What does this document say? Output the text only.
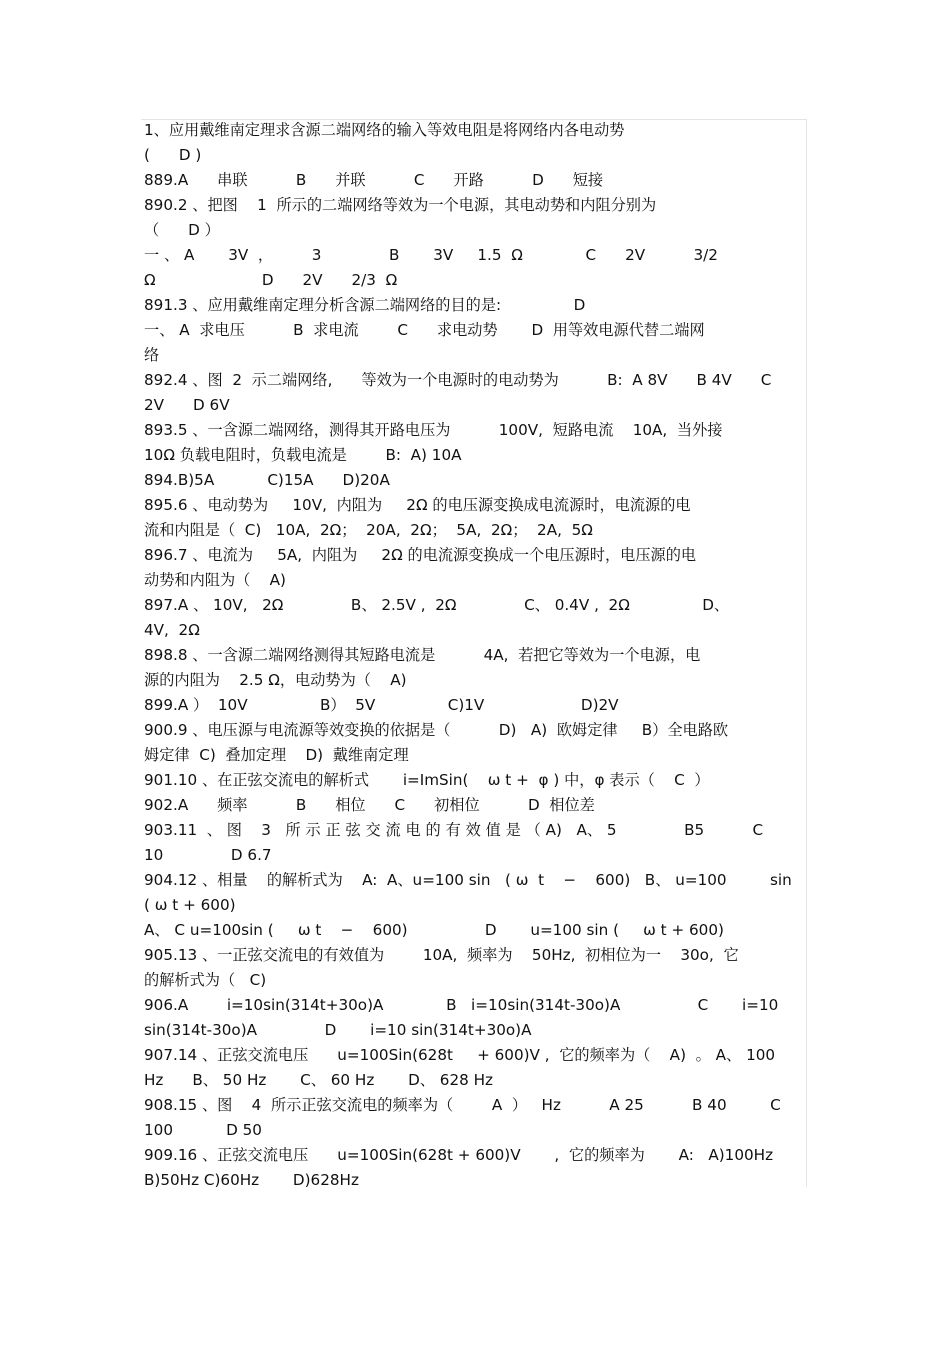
1、应用戴维南定理求含源二端网络的输入等效电阻是将网络内各电动势
(      D )
889.A      串联          B      并联          C      开路          D      短接
890.2 、把图    1  所示的二端网络等效为一个电源，其电动势和内阻分别为
（      D ）
一 、 A       3V  ，        3              B       3V     1.5  Ω             C      2V          3/2
Ω                      D      2V      2/3  Ω
891.3 、应用戴维南定理分析含源二端网络的目的是:               D
一、 A  求电压          B  求电流        C      求电动势       D  用等效电源代替二端网
络
892.4 、图  2  示二端网络,      等效为一个电源时的电动势为          B:  A 8V      B 4V      C
2V      D 6V
893.5 、一含源二端网络，测得其开路电压为          100V,  短路电流    10A,  当外接
10Ω 负载电阻时，负载电流是        B:  A) 10A
894.B)5A           C)15A      D)20A
895.6 、电动势为     10V,  内阻为     2Ω 的电压源变换成电流源时，电流源的电
流和内阻是（  C)   10A,  2Ω；  20A,  2Ω；  5A,  2Ω；  2A,  5Ω
896.7 、电流为     5A,  内阻为     2Ω 的电流源变换成一个电压源时，电压源的电
动势和内阻为（    A)
897.A 、 10V,   2Ω              B、 2.5V ,  2Ω              C、 0.4V ,  2Ω               D、
4V,  2Ω
898.8 、一含源二端网络测得其短路电流是          4A,  若把它等效为一个电源，电
源的内阻为    2.5 Ω，电动势为（    A)
899.A ）  10V               B）  5V               C)1V                    D)2V
900.9 、电压源与电流源等效变换的依据是（          D)   A)  欧姆定律     B）全电路欧
姆定律  C)  叠加定理    D)  戴维南定理
901.10 、在正弦交流电的解析式       i=ImSin(    ω t +  φ ) 中，φ 表示（    C  ）
902.A      频率          B      相位      C      初相位          D  相位差
903.11  、 图    3   所 示 正 弦 交 流 电 的 有 效 值 是 （ A)   A、 5              B5          C
10              D 6.7
904.12 、相量    的解析式为    A:  A、u=100 sin   ( ω  t    −    600)   B、 u=100         sin
( ω t + 600)
A、 C u=100sin (     ω t    −    600)                D       u=100 sin (     ω t + 600)
905.13 、一正弦交流电的有效值为        10A,  频率为    50Hz,  初相位为一    30o,  它
的解析式为（   C)
906.A        i=10sin(314t+30o)A             B   i=10sin(314t-30o)A                C       i=10
sin(314t-30o)A              D       i=10 sin(314t+30o)A
907.14 、正弦交流电压      u=100Sin(628t     + 600)V ,  它的频率为（    A)  。 A、 100
Hz      B、 50 Hz       C、 60 Hz       D、 628 Hz
908.15 、图    4  所示正弦交流电的频率为（        A  ）   Hz          A 25          B 40         C
100           D 50
909.16 、正弦交流电压      u=100Sin(628t + 600)V       ,  它的频率为       A:   A)100Hz
B)50Hz C)60Hz       D)628Hz
